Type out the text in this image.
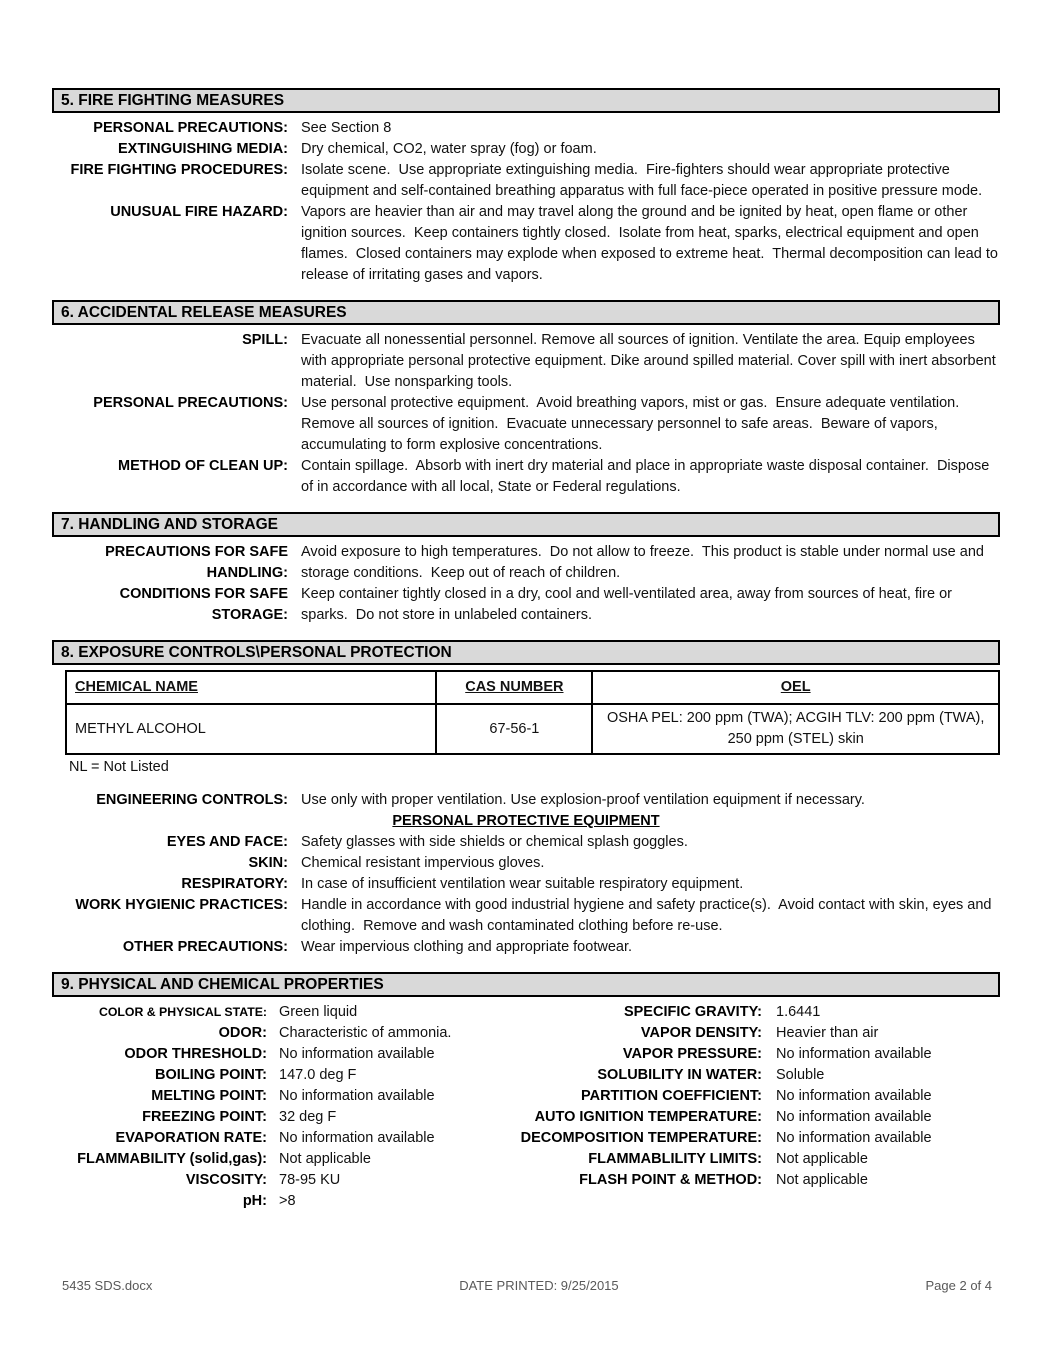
5. FIRE FIGHTING MEASURES
PERSONAL PRECAUTIONS: See Section 8
EXTINGUISHING MEDIA: Dry chemical, CO2, water spray (fog) or foam.
FIRE FIGHTING PROCEDURES: Isolate scene.  Use appropriate extinguishing media.  Fire-fighters should wear appropriate protective equipment and self-contained breathing apparatus with full face-piece operated in positive pressure mode.
UNUSUAL FIRE HAZARD: Vapors are heavier than air and may travel along the ground and be ignited by heat, open flame or other ignition sources.  Keep containers tightly closed.  Isolate from heat, sparks, electrical equipment and open flames.  Closed containers may explode when exposed to extreme heat.  Thermal decomposition can lead to release of irritating gases and vapors.
6. ACCIDENTAL RELEASE MEASURES
SPILL: Evacuate all nonessential personnel. Remove all sources of ignition. Ventilate the area. Equip employees with appropriate personal protective equipment. Dike around spilled material. Cover spill with inert absorbent material.  Use nonsparking tools.
PERSONAL PRECAUTIONS: Use personal protective equipment.  Avoid breathing vapors, mist or gas.  Ensure adequate ventilation.  Remove all sources of ignition.  Evacuate unnecessary personnel to safe areas.  Beware of vapors, accumulating to form explosive concentrations.
METHOD OF CLEAN UP: Contain spillage.  Absorb with inert dry material and place in appropriate waste disposal container.  Dispose of in accordance with all local, State or Federal regulations.
7. HANDLING AND STORAGE
PRECAUTIONS FOR SAFE HANDLING:
Avoid exposure to high temperatures.  Do not allow to freeze.  This product is stable under normal use and storage conditions.  Keep out of reach of children.
CONDITIONS FOR SAFE STORAGE:
Keep container tightly closed in a dry, cool and well-ventilated area, away from sources of heat, fire or sparks.  Do not store in unlabeled containers.
8. EXPOSURE CONTROLS\PERSONAL PROTECTION
CHEMICAL NAME	CAS NUMBER	OEL
METHYL ALCOHOL	67-56-1	OSHA PEL: 200 ppm (TWA); ACGIH TLV: 200 ppm (TWA), 250 ppm (STEL) skin
NL = Not Listed
ENGINEERING CONTROLS: Use only with proper ventilation. Use explosion-proof ventilation equipment if necessary.
PERSONAL PROTECTIVE EQUIPMENT
EYES AND FACE: Safety glasses with side shields or chemical splash goggles.
SKIN: Chemical resistant impervious gloves.
RESPIRATORY: In case of insufficient ventilation wear suitable respiratory equipment.
WORK HYGIENIC PRACTICES: Handle in accordance with good industrial hygiene and safety practice(s).  Avoid contact with skin, eyes and clothing.  Remove and wash contaminated clothing before re-use.
OTHER PRECAUTIONS: Wear impervious clothing and appropriate footwear.
9. PHYSICAL AND CHEMICAL PROPERTIES
COLOR & PHYSICAL STATE: Green liquid	SPECIFIC GRAVITY: 1.6441
ODOR: Characteristic of ammonia.	VAPOR DENSITY: Heavier than air
ODOR THRESHOLD: No information available	VAPOR PRESSURE: No information available
BOILING POINT: 147.0 deg F	SOLUBILITY IN WATER: Soluble
MELTING POINT: No information available	PARTITION COEFFICIENT: No information available
FREEZING POINT: 32 deg F	AUTO IGNITION TEMPERATURE: No information available
EVAPORATION RATE: No information available	DECOMPOSITION TEMPERATURE: No information available
FLAMMABILITY (solid,gas): Not applicable	FLAMMABLILITY LIMITS: Not applicable
VISCOSITY: 78-95 KU	FLASH POINT & METHOD: Not applicable
pH: >8
5435 SDS.docx	DATE PRINTED: 9/25/2015	Page 2 of 4
